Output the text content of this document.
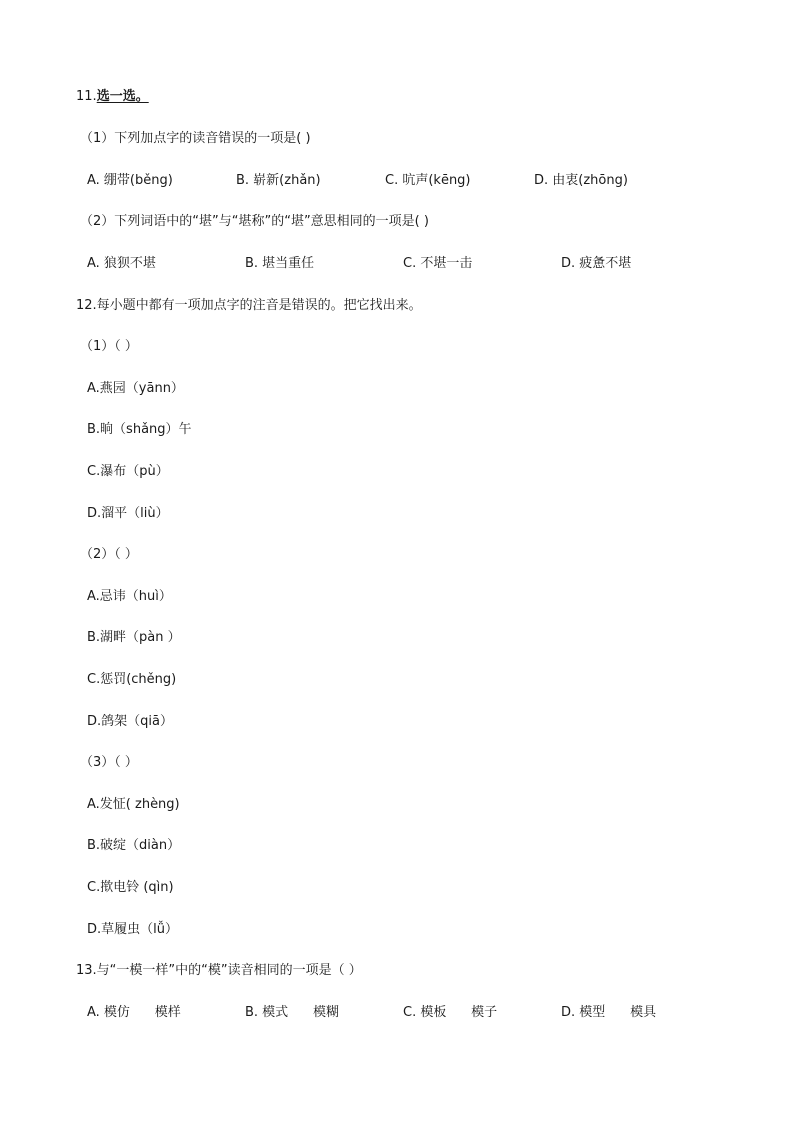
11.选一选。
（1）下列加点字的读音错误的一项是( )
A. 绷带(běng)	B. 崭新(zhǎn)	C. 吭声(kēng)	D. 由衷(zhōng)
（2）下列词语中的“堪”与“堪称”的“堪”意思相同的一项是( )
A. 狼狈不堪	B. 堪当重任	C. 不堪一击	D. 疲惫不堪
12.每小题中都有一项加点字的注音是错误的。把它找出来。
（1）（ ）
A.燕园（yānn）
B.晌（shǎng）午
C.瀑布（pù）
D.溜平（liù）
（2）（ ）
A.忌讳（huì）
B.湖畔（pàn ）
C.惩罚(chěng)
D.鸽架（qiā）
（3）（ ）
A.发怔( zhèng)
B.破绽（diàn）
C.揿电铃 (qìn)
D.草履虫（lǚ）
13.与“一模一样”中的“模”读音相同的一项是（ ）
A. 模仿      模样	B. 模式      模糊	C. 模板      模子	D. 模型      模具
